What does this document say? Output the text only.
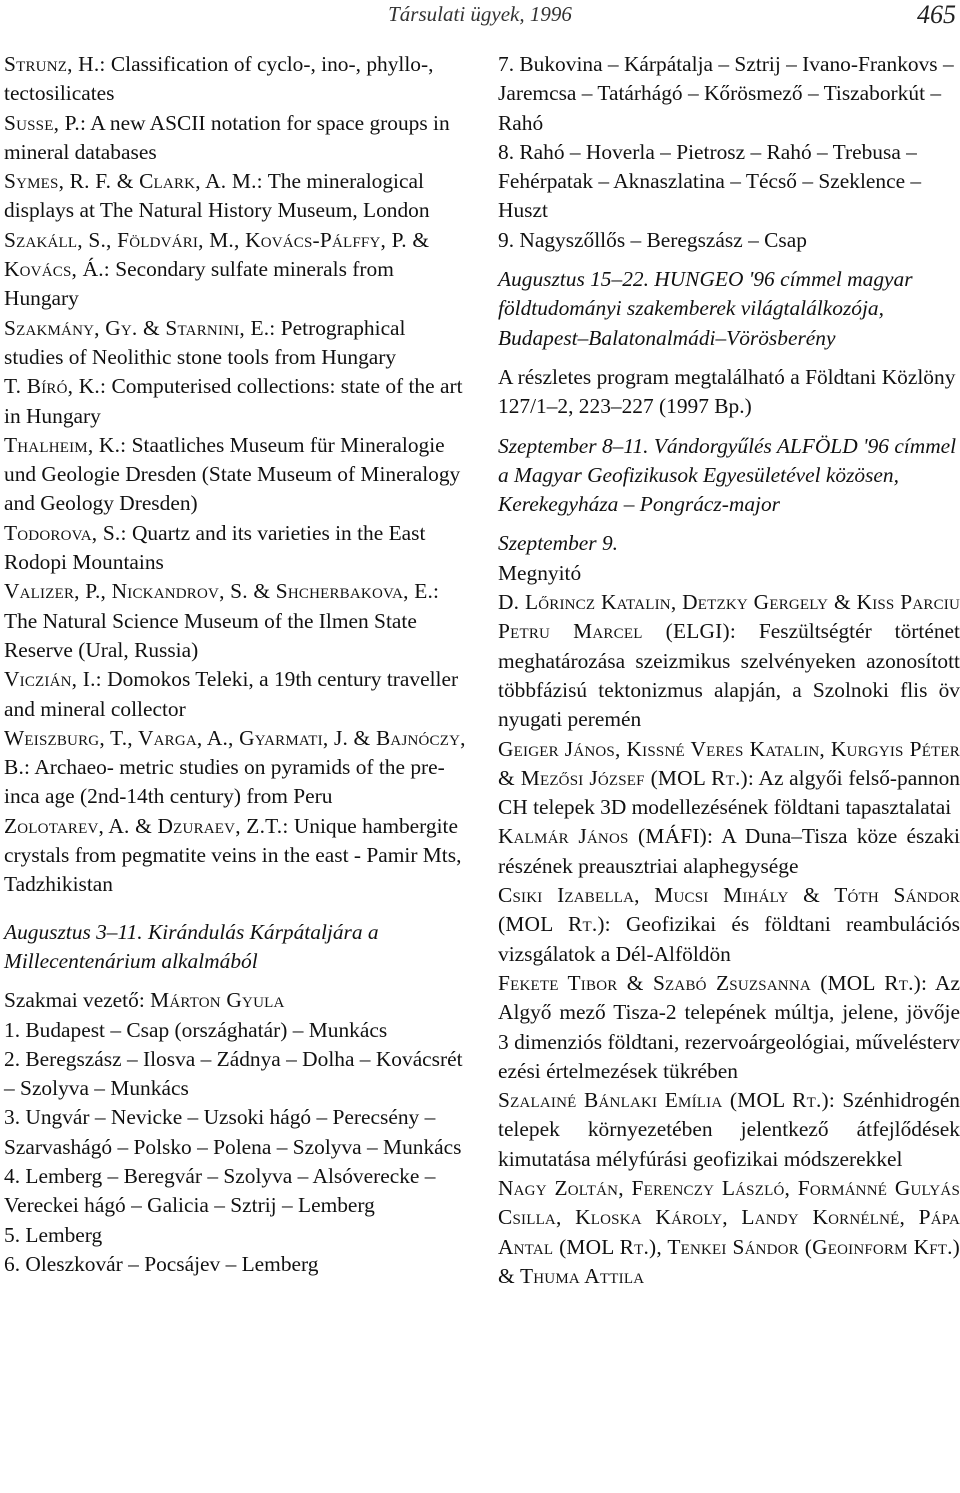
Társulati ügyek, 1996	465

Strunz, H.: Classification of cyclo-, ino-, phyllo-, tectosilicates

Susse, P.: A new ASCII notation for space groups in mineral databases

Symes, R. F. & Clark, A. M.: The mineralogical displays at The Natural History Museum, London

Szakáll, S., Földvári, M., Kovács-Pálffy, P. & Kovács, Á.: Secondary sulfate minerals from Hungary

Szakmány, Gy. & Starnini, E.: Petrographical studies of Neolithic stone tools from Hungary

T. Bíró, K.: Computerised collections: state of the art in Hungary

Thalheim, K.: Staatliches Museum für Mineralogie und Geologie Dresden (State Museum of Mineralogy and Geology Dresden)

Todorova, S.: Quartz and its varieties in the East Rodopi Mountains

Valizer, P., Nickandrov, S. & Shcherbakova, E.: The Natural Science Museum of the Ilmen State Reserve (Ural, Russia)

Viczián, I.: Domokos Teleki, a 19th century traveller and mineral collector

Weiszburg, T., Varga, A., Gyarmati, J. & Bajnóczy, B.: Archaeo- metric studies on pyramids of the pre-inca age (2nd-14th century) from Peru

Zolotarev, A. & Dzuraev, Z.T.: Unique hambergite crystals from pegmatite veins in the east - Pamir Mts, Tadzhikistan

Augusztus 3–11. Kirándulás Kárpátaljára a Millecentenárium alkalmából

Szakmai vezető: Márton Gyula

1. Budapest – Csap (országhatár) – Munkács

2. Beregszász – Ilosva – Zádnya – Dolha – Kovácsrét – Szolyva – Munkács

3. Ungvár – Nevicke – Uzsoki hágó – Perecsény – Szarvashágó – Polsko – Polena – Szolyva – Munkács

4. Lemberg – Beregvár – Szolyva – Alsóverecke – Vereckei hágó – Galicia – Sztrij – Lemberg

5. Lemberg

6. Oleszkovár – Pocsájev – Lemberg

7. Bukovina – Kárpátalja – Sztrij – Ivano-Frankovs – Jaremcsa – Tatárhágó – Kőrösmező – Tiszaborkút – Rahó

8. Rahó – Hoverla – Pietrosz – Rahó – Trebusa – Fehérpatak – Aknaszlatina – Técső – Szeklence – Huszt

9. Nagyszőllős – Beregszász – Csap

Augusztus 15–22. HUNGEO '96 címmel magyar földtudományi szakemberek világtalálkozója, Budapest–Balatonalmádi–Vörösberény

A részletes program megtalálható a Földtani Közlöny 127/1–2, 223–227 (1997 Bp.)

Szeptember 8–11. Vándorgyűlés ALFÖLD '96 címmel a Magyar Geofizikusok Egyesületével közösen, Kerekegyháza – Pongrácz-major

Szeptember 9.

Megnyitó

D. Lőrincz Katalin, Detzky Gergely & Kiss Parciu Petru Marcel (ELGI): Feszültségtér történet meghatározása szeizmikus szelvényeken azonosított többfázisú tektonizmus alapján, a Szolnoki flis öv nyugati peremén

Geiger János, Kissné Veres Katalin, Kurgyis Péter & Mezősi József (MOL Rt.): Az algyői felső-pannon CH telepek 3D modellezésének földtani tapasztalatai

Kalmár János (MÁFI): A Duna–Tisza köze északi részének preausztriai alaphegysége

Csiki Izabella, Mucsi Mihály & Tóth Sándor (MOL Rt.): Geofizikai és földtani reambulációs vizsgálatok a Dél-Alföldön

Fekete Tibor & Szabó Zsuzsanna (MOL Rt.): Az Algyő mező Tisza-2 telepének múltja, jelene, jövője 3 dimenziós földtani, rezervoárgeológiai, művelésterv​ezési értelmezések tükrében

Szalainé Bánlaki Emília (MOL Rt.): Szénhidrogén telepek környezetében jelentkező átfejlődések kimutatása mélyfúrási geofizikai módszerekkel

Nagy Zoltán, Ferenczy László, Formánné Gulyás Csilla, Kloska Károly, Landy Kornélné, Pápa Antal (MOL Rt.), Tenkei Sándor (Geoinform Kft.) & Thuma Attila
